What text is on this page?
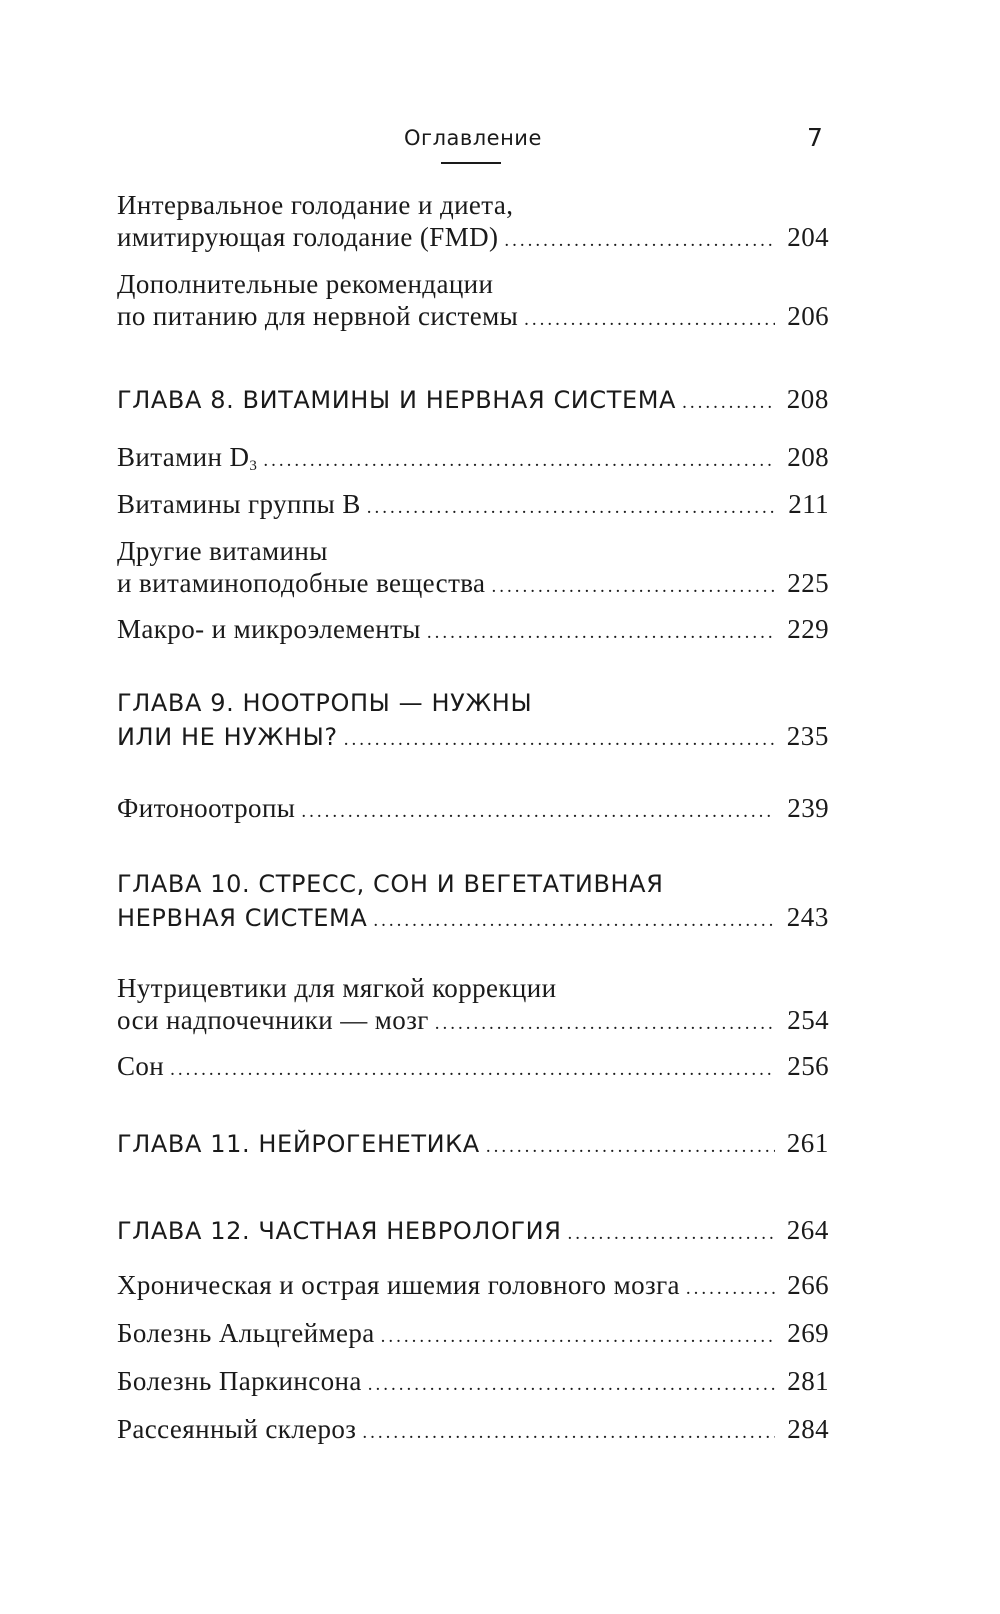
Оглавление	7
Интервальное голодание и диета,
имитирующая голодание (FMD) .....	204
Дополнительные рекомендации
по питанию для нервной системы .....	206
ГЛАВА 8. ВИТАМИНЫ И НЕРВНАЯ СИСТЕМА .....	208
Витамин $D_3$ .....	208
Витамины группы В .....	211
Другие витамины
и витаминоподобные вещества .....	225
Макро- и микроэлементы .....	229
ГЛАВА 9. НООТРОПЫ — НУЖНЫ
ИЛИ НЕ НУЖНЫ? .....	235
Фитоноотропы .....	239
ГЛАВА 10. СТРЕСС, СОН И ВЕГЕТАТИВНАЯ
НЕРВНАЯ СИСТЕМА .....	243
Нутрицевтики для мягкой коррекции
оси надпочечники — мозг .....	254
Сон .....	256
ГЛАВА 11. НЕЙРОГЕНЕТИКА .....	261
ГЛАВА 12. ЧАСТНАЯ НЕВРОЛОГИЯ .....	264
Хроническая и острая ишемия головного мозга .....	266
Болезнь Альцгеймера .....	269
Болезнь Паркинсона .....	281
Рассеянный склероз .....	284
